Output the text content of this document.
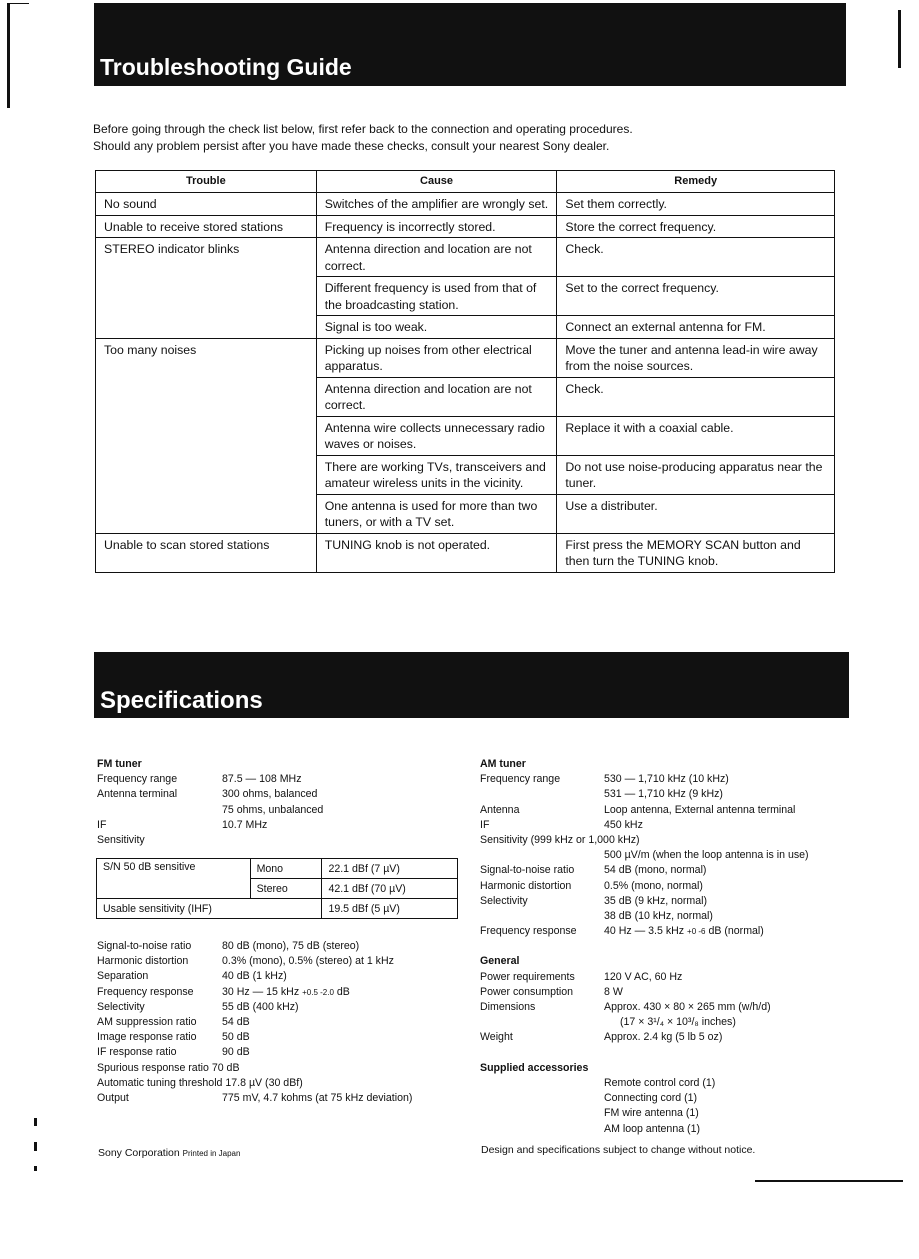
Troubleshooting Guide
Before going through the check list below, first refer back to the connection and operating procedures.
Should any problem persist after you have made these checks, consult your nearest Sony dealer.
Trouble	Cause	Remedy
No sound	Switches of the amplifier are wrongly set.	Set them correctly.
Unable to receive stored stations	Frequency is incorrectly stored.	Store the correct frequency.
STEREO indicator blinks	Antenna direction and location are not correct.	Check.
	Different frequency is used from that of the broadcasting station.	Set to the correct frequency.
	Signal is too weak.	Connect an external antenna for FM.
Too many noises	Picking up noises from other electrical apparatus.	Move the tuner and antenna lead-in wire away from the noise sources.
	Antenna direction and location are not correct.	Check.
	Antenna wire collects unnecessary radio waves or noises.	Replace it with a coaxial cable.
	There are working TVs, transceivers and amateur wireless units in the vicinity.	Do not use noise-producing apparatus near the tuner.
	One antenna is used for more than two tuners, or with a TV set.	Use a distributer.
Unable to scan stored stations	TUNING knob is not operated.	First press the MEMORY SCAN button and then turn the TUNING knob.
Specifications
FM tuner
Frequency range	87.5 — 108 MHz
Antenna terminal	300 ohms, balanced
75 ohms, unbalanced
IF	10.7 MHz
Sensitivity
S/N 50 dB sensitive	Mono	22.1 dBf (7 µV)
	Stereo	42.1 dBf (70 µV)
Usable sensitivity (IHF)		19.5 dBf (5 µV)
Signal-to-noise ratio	80 dB (mono), 75 dB (stereo)
Harmonic distortion	0.3% (mono), 0.5% (stereo) at 1 kHz
Separation	40 dB (1 kHz)
Frequency response	30 Hz — 15 kHz +0.5 -2.0 dB
Selectivity	55 dB (400 kHz)
AM suppression ratio 54 dB
Image response ratio 50 dB
IF response ratio	90 dB
Spurious response ratio 70 dB
Automatic tuning threshold 17.8 µV (30 dBf)
Output	775 mV, 4.7 kohms (at 75 kHz deviation)
AM tuner
Frequency range	530 — 1,710 kHz (10 kHz)
531 — 1,710 kHz (9 kHz)
Antenna	Loop antenna, External antenna terminal
IF	450 kHz
Sensitivity (999 kHz or 1,000 kHz)
500 µV/m (when the loop antenna is in use)
Signal-to-noise ratio	54 dB (mono, normal)
Harmonic distortion	0.5% (mono, normal)
Selectivity	35 dB (9 kHz, normal)
38 dB (10 kHz, normal)
Frequency response	40 Hz — 3.5 kHz +0 -6 dB (normal)
General
Power requirements	120 V AC, 60 Hz
Power consumption	8 W
Dimensions	Approx. 430 × 80 × 265 mm (w/h/d)
(17 × 3¹/₄ × 10³/₈ inches)
Weight	Approx. 2.4 kg (5 lb 5 oz)
Supplied accessories
Remote control cord (1)
Connecting cord (1)
FM wire antenna (1)
AM loop antenna (1)
Sony Corporation Printed in Japan	Design and specifications subject to change without notice.
